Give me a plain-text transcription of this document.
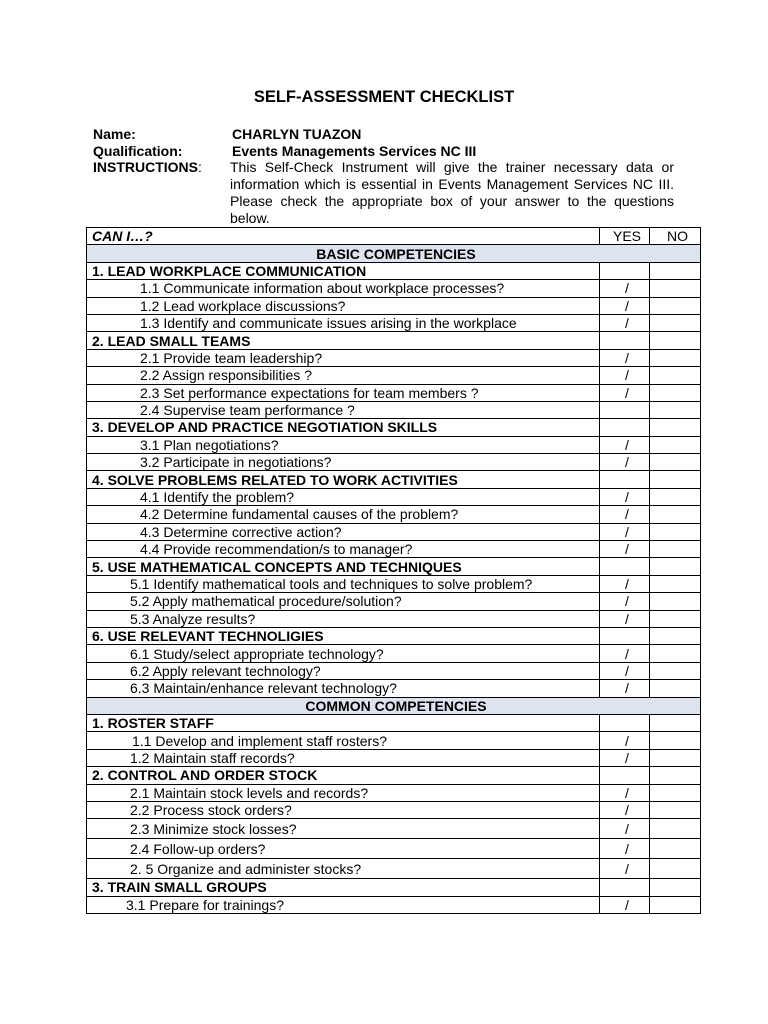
SELF-ASSESSMENT CHECKLIST
Name:	CHARLYN TUAZON
Qualification:	Events Managements Services NC III
INSTRUCTIONS: This Self-Check Instrument will give the trainer necessary data or information which is essential in Events Management Services NC III. Please check the appropriate box of your answer to the questions below.
CAN I…?	YES	NO
BASIC COMPETENCIES		
1. LEAD WORKPLACE COMMUNICATION		
1.1 Communicate information about workplace processes?	/	
1.2 Lead workplace discussions?	/	
1.3 Identify and communicate issues arising in the workplace	/	
2. LEAD SMALL TEAMS		
2.1 Provide team leadership?	/	
2.2 Assign responsibilities ?	/	
2.3 Set performance expectations for team members ?	/	
2.4 Supervise team performance ?		
3. DEVELOP AND PRACTICE NEGOTIATION SKILLS		
3.1 Plan negotiations?	/	
3.2 Participate in negotiations?	/	
4. SOLVE PROBLEMS RELATED TO WORK ACTIVITIES		
4.1 Identify the problem?	/	
4.2 Determine fundamental causes of the problem?	/	
4.3 Determine corrective action?	/	
4.4 Provide recommendation/s to manager?	/	
5. USE MATHEMATICAL CONCEPTS AND TECHNIQUES		
5.1 Identify mathematical tools and techniques to solve problem?	/	
5.2 Apply mathematical procedure/solution?	/	
5.3 Analyze results?	/	
6. USE RELEVANT TECHNOLIGIES		
6.1 Study/select appropriate technology?	/	
6.2 Apply relevant technology?	/	
6.3 Maintain/enhance relevant technology?	/	
COMMON COMPETENCIES		
1. ROSTER STAFF		
1.1 Develop and implement staff rosters?	/	
1.2 Maintain staff records?	/	
2. CONTROL AND ORDER STOCK		
2.1 Maintain stock levels and records?	/	
2.2 Process stock orders?	/	
2.3 Minimize stock losses?	/	
2.4 Follow-up orders?	/	
2. 5 Organize and administer stocks?	/	
3. TRAIN SMALL GROUPS		
3.1 Prepare for trainings?	/	
